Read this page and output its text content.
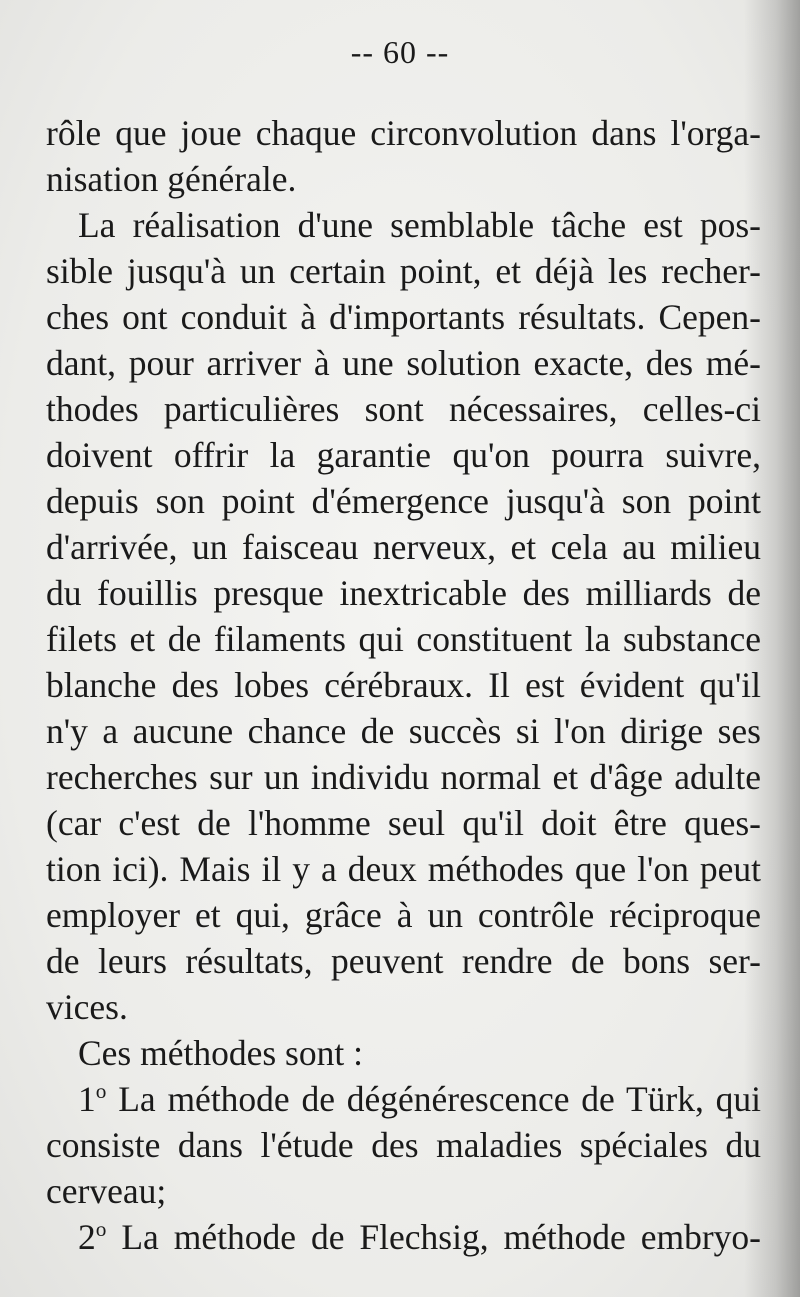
-- 60 --
rôle que joue chaque circonvolution dans l'orga-
nisation générale.
La réalisation d'une semblable tâche est pos-
sible jusqu'à un certain point, et déjà les recher-
ches ont conduit à d'importants résultats. Cepen-
dant, pour arriver à une solution exacte, des mé-
thodes particulières sont nécessaires, celles-ci
doivent offrir la garantie qu'on pourra suivre,
depuis son point d'émergence jusqu'à son point
d'arrivée, un faisceau nerveux, et cela au milieu
du fouillis presque inextricable des milliards de
filets et de filaments qui constituent la substance
blanche des lobes cérébraux. Il est évident qu'il
n'y a aucune chance de succès si l'on dirige ses
recherches sur un individu normal et d'âge adulte
(car c'est de l'homme seul qu'il doit être ques-
tion ici). Mais il y a deux méthodes que l'on peut
employer et qui, grâce à un contrôle réciproque
de leurs résultats, peuvent rendre de bons ser-
vices.
Ces méthodes sont :
1$^o$ La méthode de dégénérescence de Türk, qui
consiste dans l'étude des maladies spéciales du
cerveau;
2$^o$ La méthode de Flechsig, méthode embryo-
